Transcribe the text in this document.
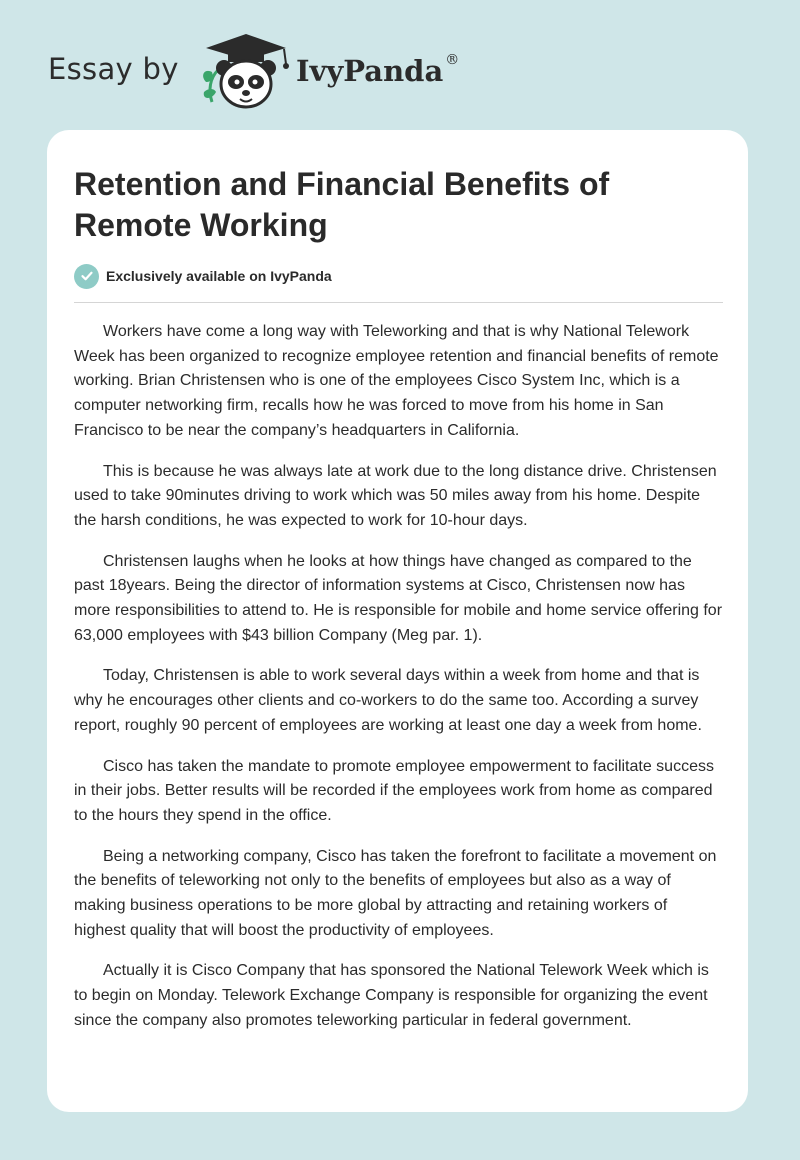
Essay by	IvyPanda ®
Retention and Financial Benefits of Remote Working
Exclusively available on IvyPanda

Workers have come a long way with Teleworking and that is why National Telework Week has been organized to recognize employee retention and financial benefits of remote working. Brian Christensen who is one of the employees Cisco System Inc, which is a computer networking firm, recalls how he was forced to move from his home in San Francisco to be near the company’s headquarters in California.

This is because he was always late at work due to the long distance drive. Christensen used to take 90minutes driving to work which was 50 miles away from his home. Despite the harsh conditions, he was expected to work for 10-hour days.

Christensen laughs when he looks at how things have changed as compared to the past 18years. Being the director of information systems at Cisco, Christensen now has more responsibilities to attend to. He is responsible for mobile and home service offering for 63,000 employees with $43 billion Company (Meg par. 1).

Today, Christensen is able to work several days within a week from home and that is why he encourages other clients and co-workers to do the same too. According a survey report, roughly 90 percent of employees are working at least one day a week from home.

Cisco has taken the mandate to promote employee empowerment to facilitate success in their jobs. Better results will be recorded if the employees work from home as compared to the hours they spend in the office.

Being a networking company, Cisco has taken the forefront to facilitate a movement on the benefits of teleworking not only to the benefits of employees but also as a way of making business operations to be more global by attracting and retaining workers of highest quality that will boost the productivity of employees.

Actually it is Cisco Company that has sponsored the National Telework Week which is to begin on Monday. Telework Exchange Company is responsible for organizing the event since the company also promotes teleworking particular in federal government.
